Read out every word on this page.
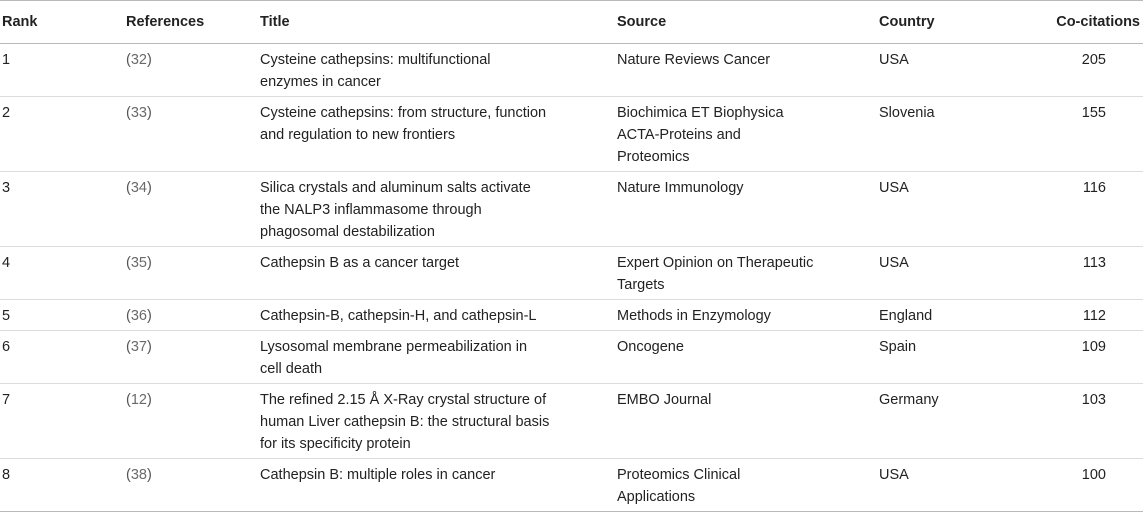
Rank	References	Title	Source	Country	Co-citations
1	(32)	Cysteine cathepsins: multifunctional enzymes in cancer	Nature Reviews Cancer	USA	205
2	(33)	Cysteine cathepsins: from structure, function and regulation to new frontiers	Biochimica ET Biophysica ACTA-Proteins and Proteomics	Slovenia	155
3	(34)	Silica crystals and aluminum salts activate the NALP3 inflammasome through phagosomal destabilization	Nature Immunology	USA	116
4	(35)	Cathepsin B as a cancer target	Expert Opinion on Therapeutic Targets	USA	113
5	(36)	Cathepsin-B, cathepsin-H, and cathepsin-L	Methods in Enzymology	England	112
6	(37)	Lysosomal membrane permeabilization in cell death	Oncogene	Spain	109
7	(12)	The refined 2.15 Å X-Ray crystal structure of human Liver cathepsin B: the structural basis for its specificity protein	EMBO Journal	Germany	103
8	(38)	Cathepsin B: multiple roles in cancer	Proteomics Clinical Applications	USA	100
